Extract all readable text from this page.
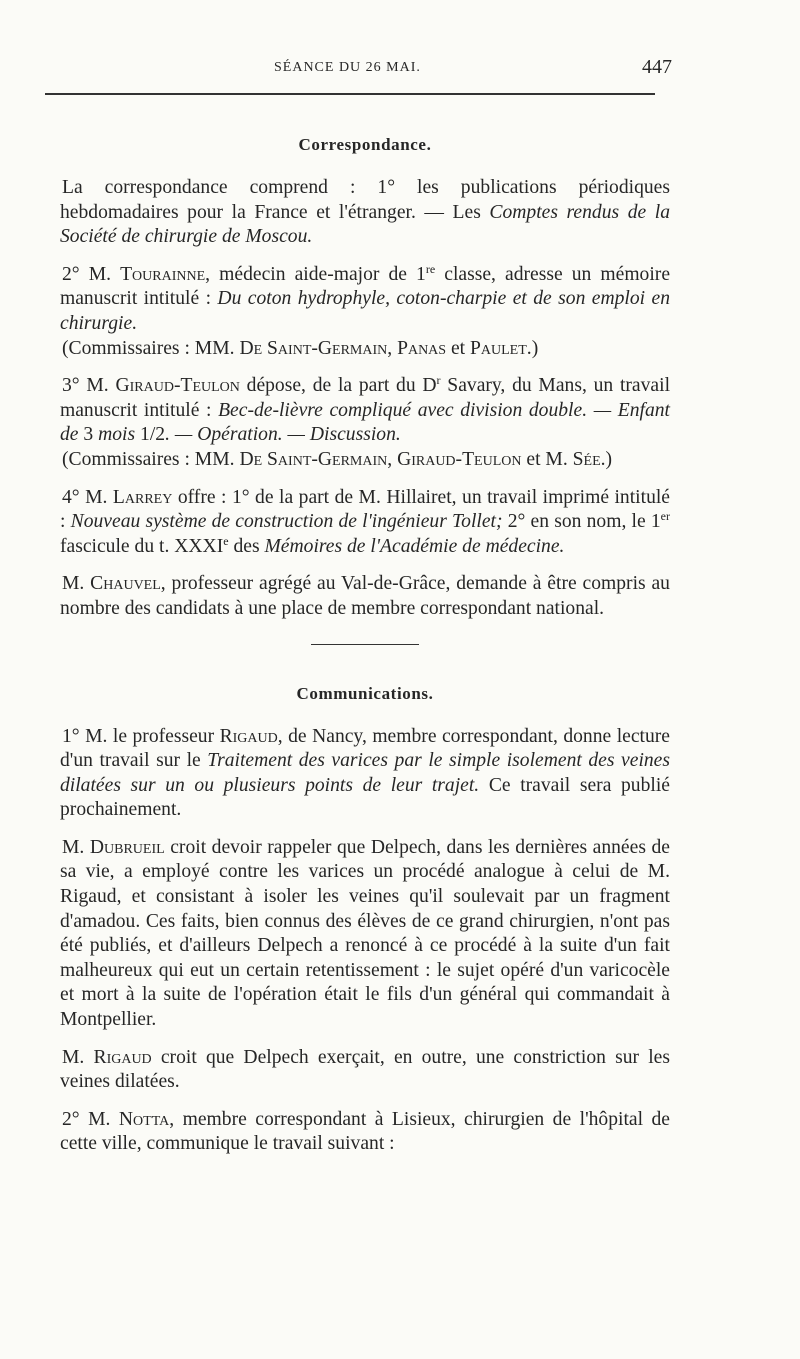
SÉANCE DU 26 MAI.	447
Correspondance.

La correspondance comprend : 1° les publications périodiques hebdomadaires pour la France et l'étranger. — Les Comptes rendus de la Société de chirurgie de Moscou.

2° M. Tourainne, médecin aide-major de 1re classe, adresse un mémoire manuscrit intitulé : Du coton hydrophyle, coton-charpie et de son emploi en chirurgie.
(Commissaires : MM. De Saint-Germain, Panas et Paulet.)

3° M. Giraud-Teulon dépose, de la part du $D^r$ Savary, du Mans, un travail manuscrit intitulé : Bec-de-lièvre compliqué avec division double. — Enfant de 3 mois 1/2. — Opération. — Discussion.
(Commissaires : MM. De Saint-Germain, Giraud-Teulon et M. Sée.)

4° M. Larrey offre : 1° de la part de M. Hillairet, un travail imprimé intitulé : Nouveau système de construction de l'ingénieur Tollet; 2° en son nom, le 1er fascicule du t. XXXIe des Mémoires de l'Académie de médecine.

M. Chauvel, professeur agrégé au Val-de-Grâce, demande à être compris au nombre des candidats à une place de membre correspondant national.

Communications.

1° M. le professeur Rigaud, de Nancy, membre correspondant, donne lecture d'un travail sur le Traitement des varices par le simple isolement des veines dilatées sur un ou plusieurs points de leur trajet. Ce travail sera publié prochainement.

M. Dubrueil croit devoir rappeler que Delpech, dans les dernières années de sa vie, a employé contre les varices un procédé analogue à celui de M. Rigaud, et consistant à isoler les veines qu'il soulevait par un fragment d'amadou. Ces faits, bien connus des élèves de ce grand chirurgien, n'ont pas été publiés, et d'ailleurs Delpech a renoncé à ce procédé à la suite d'un fait malheureux qui eut un certain retentissement : le sujet opéré d'un varicocèle et mort à la suite de l'opération était le fils d'un général qui commandait à Montpellier.

M. Rigaud croit que Delpech exerçait, en outre, une constriction sur les veines dilatées.

2° M. Notta, membre correspondant à Lisieux, chirurgien de l'hôpital de cette ville, communique le travail suivant :
